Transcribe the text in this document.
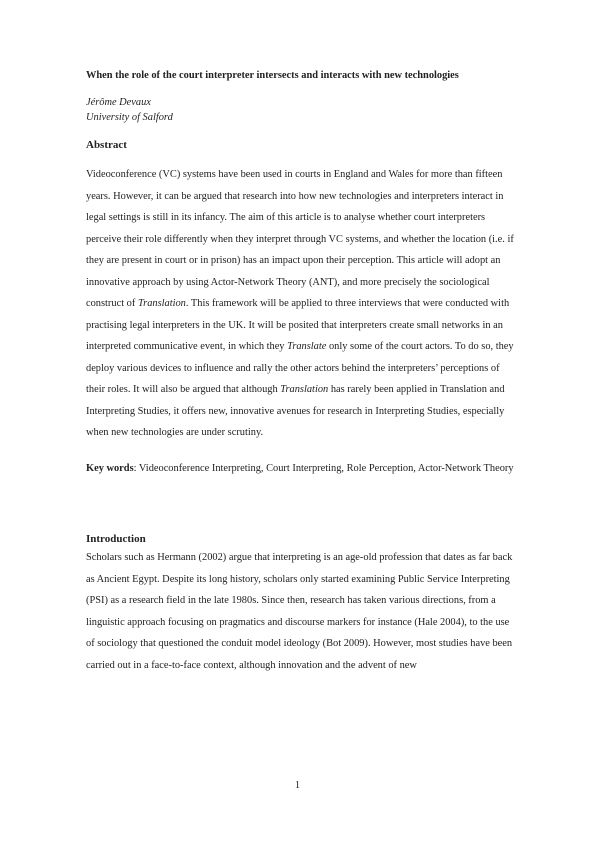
When the role of the court interpreter intersects and interacts with new technologies

Jérôme Devaux
University of Salford

Abstract

Videoconference (VC) systems have been used in courts in England and Wales for more than fifteen years. However, it can be argued that research into how new technologies and interpreters interact in legal settings is still in its infancy. The aim of this article is to analyse whether court interpreters perceive their role differently when they interpret through VC systems, and whether the location (i.e. if they are present in court or in prison) has an impact upon their perception. This article will adopt an innovative approach by using Actor-Network Theory (ANT), and more precisely the sociological construct of Translation. This framework will be applied to three interviews that were conducted with practising legal interpreters in the UK. It will be posited that interpreters create small networks in an interpreted communicative event, in which they Translate only some of the court actors. To do so, they deploy various devices to influence and rally the other actors behind the interpreters’ perceptions of their roles. It will also be argued that although Translation has rarely been applied in Translation and Interpreting Studies, it offers new, innovative avenues for research in Interpreting Studies, especially when new technologies are under scrutiny.

Key words: Videoconference Interpreting, Court Interpreting, Role Perception, Actor-Network Theory

Introduction

Scholars such as Hermann (2002) argue that interpreting is an age-old profession that dates as far back as Ancient Egypt. Despite its long history, scholars only started examining Public Service Interpreting (PSI) as a research field in the late 1980s. Since then, research has taken various directions, from a linguistic approach focusing on pragmatics and discourse markers for instance (Hale 2004), to the use of sociology that questioned the conduit model ideology (Bot 2009). However, most studies have been carried out in a face-to-face context, although innovation and the advent of new

1
